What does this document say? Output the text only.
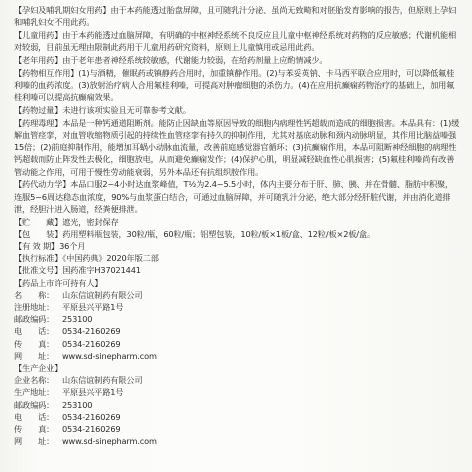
【孕妇及哺乳期妇女用药】由于本药能透过胎盘屏障，且可随乳汁分泌、虽尚无致畸和对胚胎发育影响的报告，但原则上孕妇和哺乳妇女不用此药。

【儿童用药】由于本药能透过血脑屏障，有明确的中枢神经系统不良反应且儿童中枢神经系统对药物的反应敏感；代谢机能相对较弱，目前虽无理由限制此药用于儿童用药研究资料，原则上儿童慎用或忌用此药。

【老年用药】由于老年患者神经系统较敏感，代谢能力较弱，在给药剂量上应酌情减少。

【药物相互作用】(1)与酒精，催眠药或镇静药合用时，加重镇静作用。(2)与苯妥英钠、卡马西平联合应用时，可以降低氟桂利嗪的血药浓度。(3)放射治疗病人合用氟桂利嗪，可提高对肿瘤细胞的杀伤力。(4)在应用抗癫痫药物治疗的基础上，加用氟桂利嗪可以提高抗癫痫效果。

【药物过量】未进行该项实验且无可靠参考文献。

【药理毒理】本品是一种钙通道阻断剂。能防止因缺血等原因导致的细胞内病理性钙超载而造成的细胞损害。本品具有：(1)缓解血管痉挛，对血管收缩物质引起的持续性血管痉挛有持久的抑制作用，尤其对基底动脉和颈内动脉明显，其作用比脑益嗪强15倍；(2)前庭抑制作用，能增加耳蜗小动脉血流量，改善前庭感觉器官循环；(3)抗癫痫作用，本品可阻断神经细胞的病理性钙超载而防止阵发性去极化，细胞放电，从而避免癫痫发作；(4)保护心肌，明显减轻缺血性心肌损害；(5)氟桂利嗪尚有改善管动能之作用，可用于慢性劳动能衰弱，另外本品还有抗组织胺作用。

【药代动力学】本品口服2~4小时达血浆峰值，T½为2.4~5.5小时，体内主要分布于肝、肺、胰、并在骨髓、脂肪中积聚，连服5~6周达稳态血浓度，90%与血浆蛋白结合，可通过血脑屏障，并可随乳汁分泌，绝大部分经肝脏代谢，并由消化道排泄，经胆汁进入肠道，经粪便排泄。

【贮　　藏】遮光，密封保存
【包　　装】药用塑料瓶包装，30粒/瓶，60粒/瓶；铝塑包装，10粒/板×1板/盒、12粒/板×2板/盒。
【有 效 期】36个月
【执行标准】《中国药典》2020年版二部
【批准文号】国药准字H37021441
【药品上市许可持有人】
名　　称： 山东信谊制药有限公司
注册地址： 平原县兴平路1号
邮政编码： 253100
电　　话： 0534-2160269
传　　真： 0534-2160269
网　　址： www.sd-sinepharm.com
【生产企业】
企业名称： 山东信谊制药有限公司
生产地址： 平原县兴平路1号
邮政编码： 253100
电　　话： 0534-2160269
传　　真： 0534-2160269
网　　址： www.sd-sinepharm.com
